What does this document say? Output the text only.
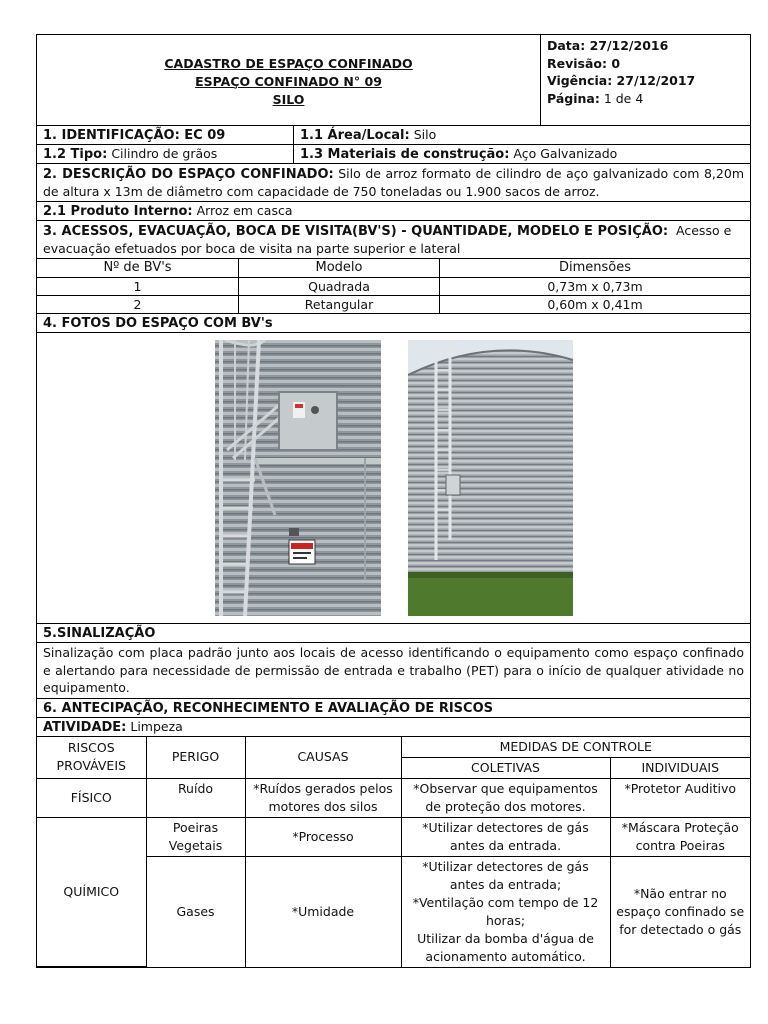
CADASTRO DE ESPAÇO CONFINADO
ESPAÇO CONFINADO N° 09
SILO
Data: 27/12/2016
Revisão: 0
Vigência: 27/12/2017
Página: 1 de 4
1. IDENTIFICAÇÃO: EC 09	1.1 Área/Local: Silo
1.2 Tipo: Cilindro de grãos	1.3 Materiais de construção: Aço Galvanizado
2. DESCRIÇÃO DO ESPAÇO CONFINADO: Silo de arroz formato de cilindro de aço galvanizado com 8,20m de altura x 13m de diâmetro com capacidade de 750 toneladas ou 1.900 sacos de arroz.
2.1 Produto Interno: Arroz em casca
3. ACESSOS, EVACUAÇÃO, BOCA DE VISITA(BV'S) - QUANTIDADE, MODELO E POSIÇÃO: Acesso e evacuação efetuados por boca de visita na parte superior e lateral
Nº de BV's	Modelo	Dimensões
1	Quadrada	0,73m x 0,73m
2	Retangular	0,60m x 0,41m
4. FOTOS DO ESPAÇO COM BV's
5.SINALIZAÇÃO
Sinalização com placa padrão junto aos locais de acesso identificando o equipamento como espaço confinado e alertando para necessidade de permissão de entrada e trabalho (PET) para o início de qualquer atividade no equipamento.
6. ANTECIPAÇÃO, RECONHECIMENTO E AVALIAÇÃO DE RISCOS
ATIVIDADE: Limpeza
RISCOS PROVÁVEIS	PERIGO	CAUSAS	MEDIDAS DE CONTROLE	
			COLETIVAS	INDIVIDUAIS
FÍSICO	Ruído	*Ruídos gerados pelos motores dos silos	*Observar que equipamentos de proteção dos motores.	*Protetor Auditivo
QUÍMICO	Poeiras Vegetais	*Processo	*Utilizar detectores de gás antes da entrada.	*Máscara Proteção contra Poeiras
	Gases	*Umidade	*Utilizar detectores de gás antes da entrada;
*Ventilação com tempo de 12 horas;
Utilizar da bomba d'água de acionamento automático.	*Não entrar no espaço confinado se for detectado o gás
